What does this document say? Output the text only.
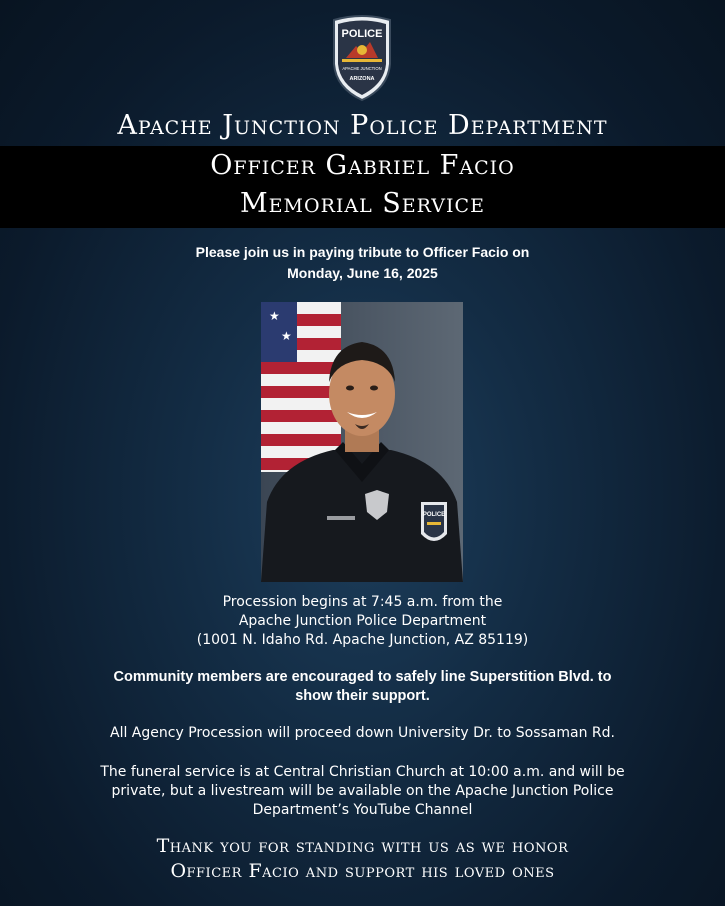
POLICE
APACHE JUNCTION
ARIZONA
Apache Junction Police Department
Officer Gabriel Facio
Memorial Service
Please join us in paying tribute to Officer Facio on
Monday, June 16, 2025
★
★
POLICE
Procession begins at 7:45 a.m. from the
Apache Junction Police Department
(1001 N. Idaho Rd. Apache Junction, AZ 85119)
Community members are encouraged to safely line Superstition Blvd. to
show their support.
All Agency Procession will proceed down University Dr. to Sossaman Rd.
The funeral service is at Central Christian Church at 10:00 a.m. and will be
private, but a livestream will be available on the Apache Junction Police
Department’s YouTube Channel
Thank you for standing with us as we honor
Officer Facio and support his loved ones
